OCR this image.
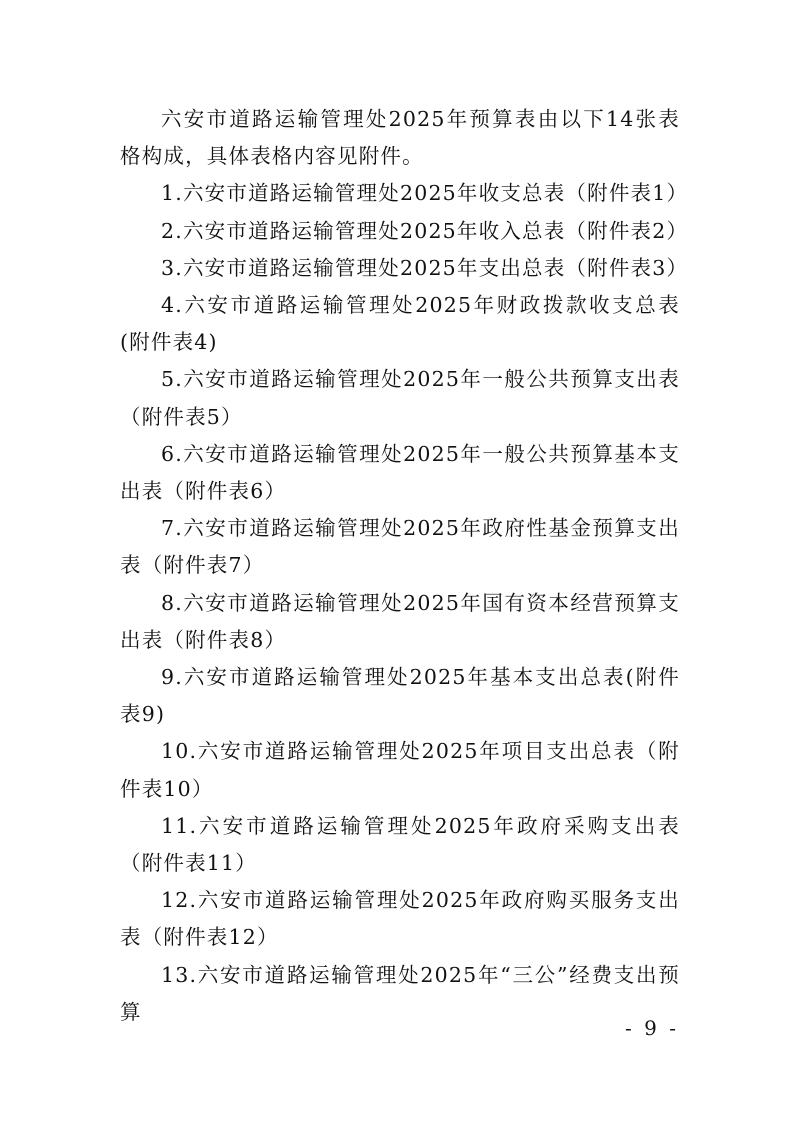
六安市道路运输管理处2025年预算表由以下14张表格构成，具体表格内容见附件。

1.六安市道路运输管理处2025年收支总表（附件表1）

2.六安市道路运输管理处2025年收入总表（附件表2）

3.六安市道路运输管理处2025年支出总表（附件表3）

4.六安市道路运输管理处2025年财政拨款收支总表(附件表4)

5.六安市道路运输管理处2025年一般公共预算支出表（附件表5）

6.六安市道路运输管理处2025年一般公共预算基本支出表（附件表6）

7.六安市道路运输管理处2025年政府性基金预算支出表（附件表7）

8.六安市道路运输管理处2025年国有资本经营预算支出表（附件表8）

9.六安市道路运输管理处2025年基本支出总表(附件表9)

10.六安市道路运输管理处2025年项目支出总表（附件表10）

11.六安市道路运输管理处2025年政府采购支出表（附件表11）

12.六安市道路运输管理处2025年政府购买服务支出表（附件表12）

13.六安市道路运输管理处2025年“三公”经费支出预算

- 9 -
